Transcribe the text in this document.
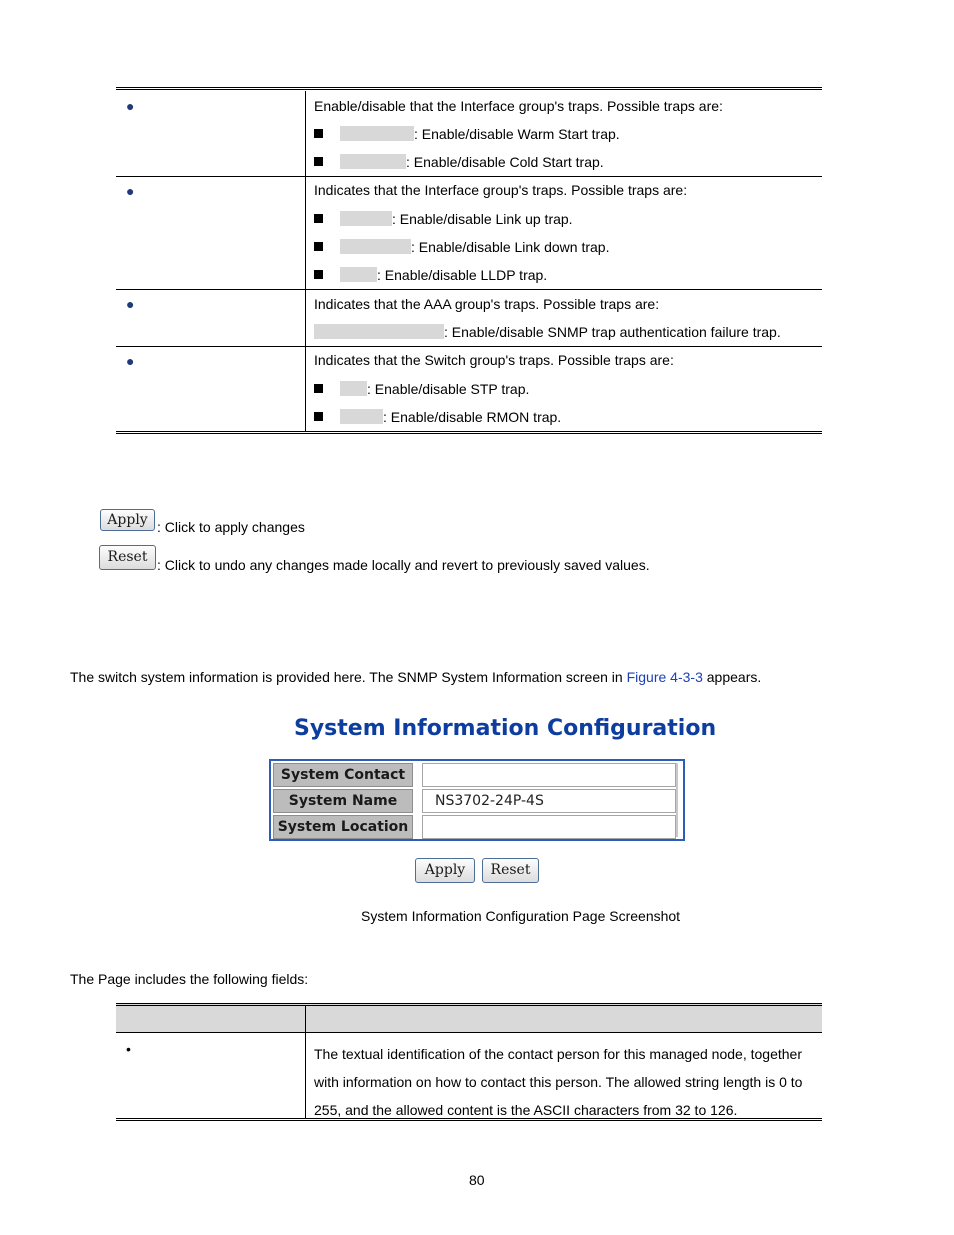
●	Enable/disable that the Interface group's traps. Possible traps are:
: Enable/disable Warm Start trap.
: Enable/disable Cold Start trap.
●	Indicates that the Interface group's traps. Possible traps are:
: Enable/disable Link up trap.
: Enable/disable Link down trap.
: Enable/disable LLDP trap.
●	Indicates that the AAA group's traps. Possible traps are:
: Enable/disable SNMP trap authentication failure trap.
●	Indicates that the Switch group's traps. Possible traps are:
: Enable/disable STP trap.
: Enable/disable RMON trap.
Apply : Click to apply changes
Reset : Click to undo any changes made locally and revert to previously saved values.

The switch system information is provided here. The SNMP System Information screen in Figure 4-3-3 appears.

System Information Configuration
System Contact
System Name	NS3702-24P-4S
System Location
Apply	Reset
System Information Configuration Page Screenshot
The Page includes the following fields:
•	The textual identification of the contact person for this managed node, together
with information on how to contact this person. The allowed string length is 0 to
255, and the allowed content is the ASCII characters from 32 to 126.
80
